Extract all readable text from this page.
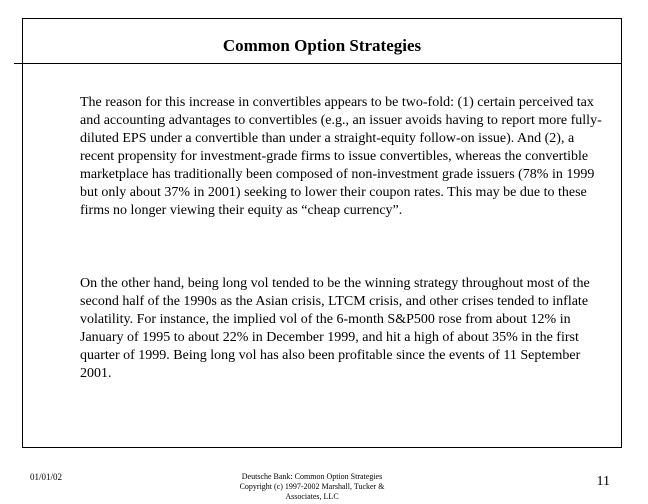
Common Option Strategies

The reason for this increase in convertibles appears to be two-fold: (1) certain perceived tax and accounting advantages to convertibles (e.g., an issuer avoids having to report more fully-diluted EPS under a convertible than under a straight-equity follow-on issue). And (2), a recent propensity for investment-grade firms to issue convertibles, whereas the convertible marketplace has traditionally been composed of non-investment grade issuers (78% in 1999 but only about 37% in 2001) seeking to lower their coupon rates. This may be due to these firms no longer viewing their equity as “cheap currency”.

On the other hand, being long vol tended to be the winning strategy throughout most of the second half of the 1990s as the Asian crisis, LTCM crisis, and other crises tended to inflate volatility. For instance, the implied vol of the 6-month S&P500 rose from about 12% in January of 1995 to about 22% in December 1999, and hit a high of about 35% in the first quarter of 1999. Being long vol has also been profitable since the events of 11 September 2001.

01/01/02	Deutsche Bank: Common Option Strategies
Copyright (c) 1997-2002 Marshall, Tucker &
Associates, LLC
11
